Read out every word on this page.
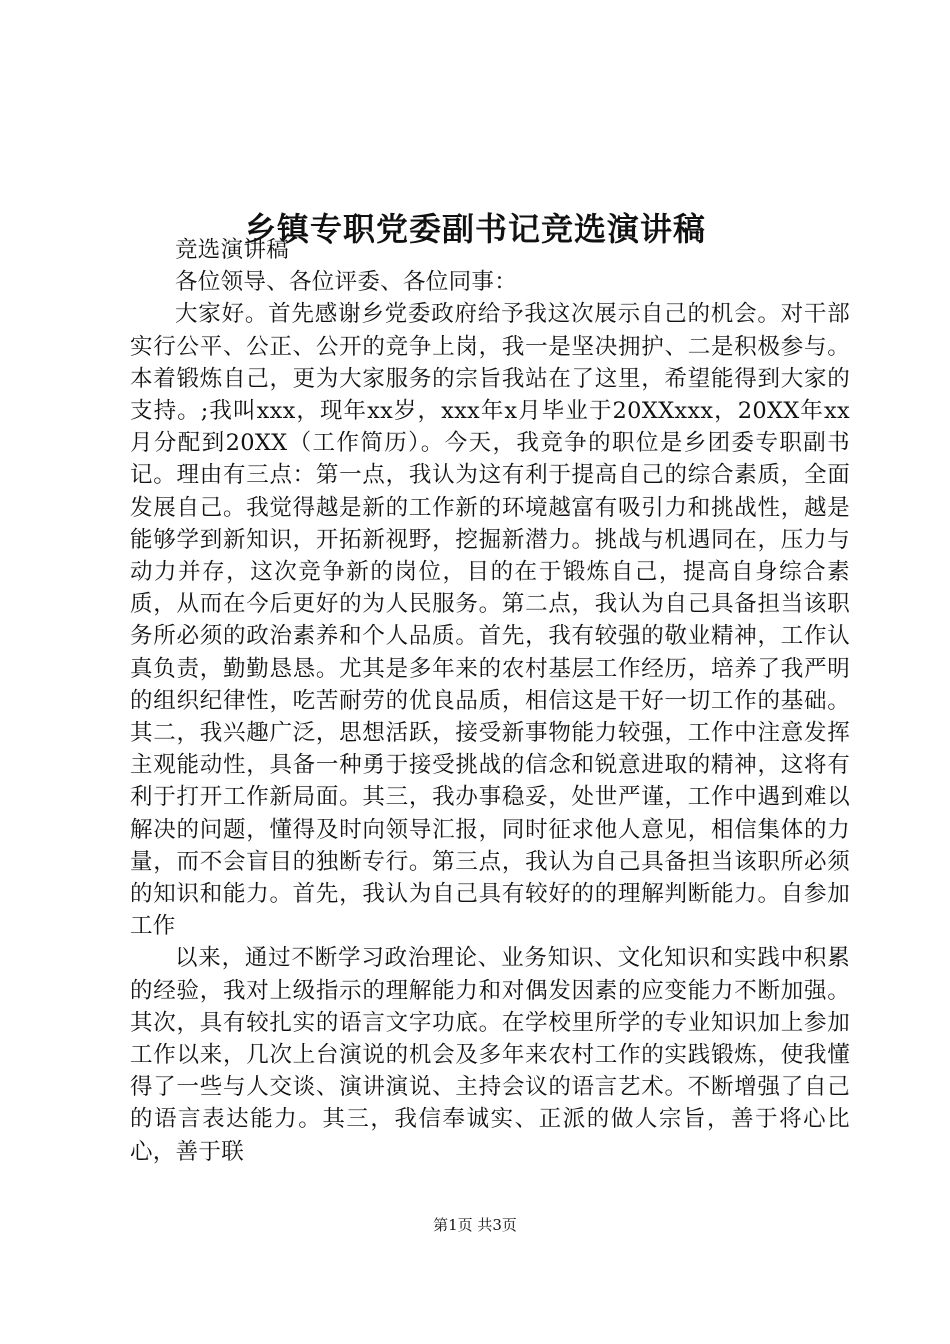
乡镇专职党委副书记竞选演讲稿

竞选演讲稿

各位领导、各位评委、各位同事：

大家好。首先感谢乡党委政府给予我这次展示自己的机会。对干部实行公平、公正、公开的竞争上岗，我一是坚决拥护、二是积极参与。本着锻炼自己，更为大家服务的宗旨我站在了这里，希望能得到大家的支持。;我叫xxx，现年xx岁，xxx年x月毕业于20XXxxx，20XX年xx月分配到20XX（工作简历）。今天，我竞争的职位是乡团委专职副书记。理由有三点：第一点，我认为这有利于提高自己的综合素质，全面发展自己。我觉得越是新的工作新的环境越富有吸引力和挑战性，越是能够学到新知识，开拓新视野，挖掘新潜力。挑战与机遇同在，压力与动力并存，这次竞争新的岗位，目的在于锻炼自己，提高自身综合素质，从而在今后更好的为人民服务。第二点，我认为自己具备担当该职务所必须的政治素养和个人品质。首先，我有较强的敬业精神，工作认真负责，勤勤恳恳。尤其是多年来的农村基层工作经历，培养了我严明的组织纪律性，吃苦耐劳的优良品质，相信这是干好一切工作的基础。其二，我兴趣广泛，思想活跃，接受新事物能力较强，工作中注意发挥主观能动性，具备一种勇于接受挑战的信念和锐意进取的精神，这将有利于打开工作新局面。其三，我办事稳妥，处世严谨，工作中遇到难以解决的问题，懂得及时向领导汇报，同时征求他人意见，相信集体的力量，而不会盲目的独断专行。第三点，我认为自己具备担当该职所必须的知识和能力。首先，我认为自己具有较好的的理解判断能力。自参加工作

以来，通过不断学习政治理论、业务知识、文化知识和实践中积累的经验，我对上级指示的理解能力和对偶发因素的应变能力不断加强。其次，具有较扎实的语言文字功底。在学校里所学的专业知识加上参加工作以来，几次上台演说的机会及多年来农村工作的实践锻炼，使我懂得了一些与人交谈、演讲演说、主持会议的语言艺术。不断增强了自己的语言表达能力。其三，我信奉诚实、正派的做人宗旨，善于将心比心，善于联

第1页 共3页
